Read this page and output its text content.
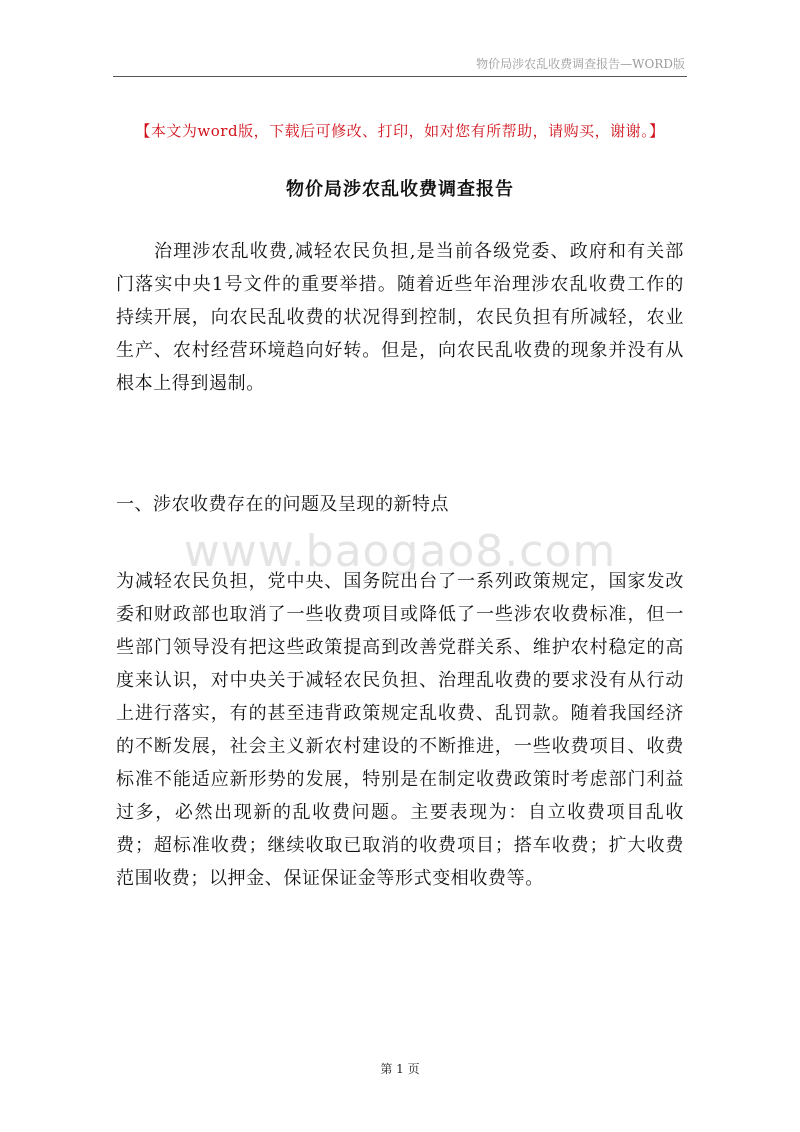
物价局涉农乱收费调查报告—WORD版
【本文为word版，下载后可修改、打印，如对您有所帮助，请购买，谢谢。】
物价局涉农乱收费调查报告
治理涉农乱收费,减轻农民负担,是当前各级党委、政府和有关部门落实中央1号文件的重要举措。随着近些年治理涉农乱收费工作的持续开展，向农民乱收费的状况得到控制，农民负担有所减轻，农业生产、农村经营环境趋向好转。但是，向农民乱收费的现象并没有从根本上得到遏制。
一、涉农收费存在的问题及呈现的新特点
www.baogao8.com
为减轻农民负担，党中央、国务院出台了一系列政策规定，国家发改委和财政部也取消了一些收费项目或降低了一些涉农收费标准，但一些部门领导没有把这些政策提高到改善党群关系、维护农村稳定的高度来认识，对中央关于减轻农民负担、治理乱收费的要求没有从行动上进行落实，有的甚至违背政策规定乱收费、乱罚款。随着我国经济的不断发展，社会主义新农村建设的不断推进，一些收费项目、收费标准不能适应新形势的发展，特别是在制定收费政策时考虑部门利益过多，必然出现新的乱收费问题。主要表现为：自立收费项目乱收费；超标准收费；继续收取已取消的收费项目；搭车收费；扩大收费范围收费；以押金、保证保证金等形式变相收费等。
第 1 页
